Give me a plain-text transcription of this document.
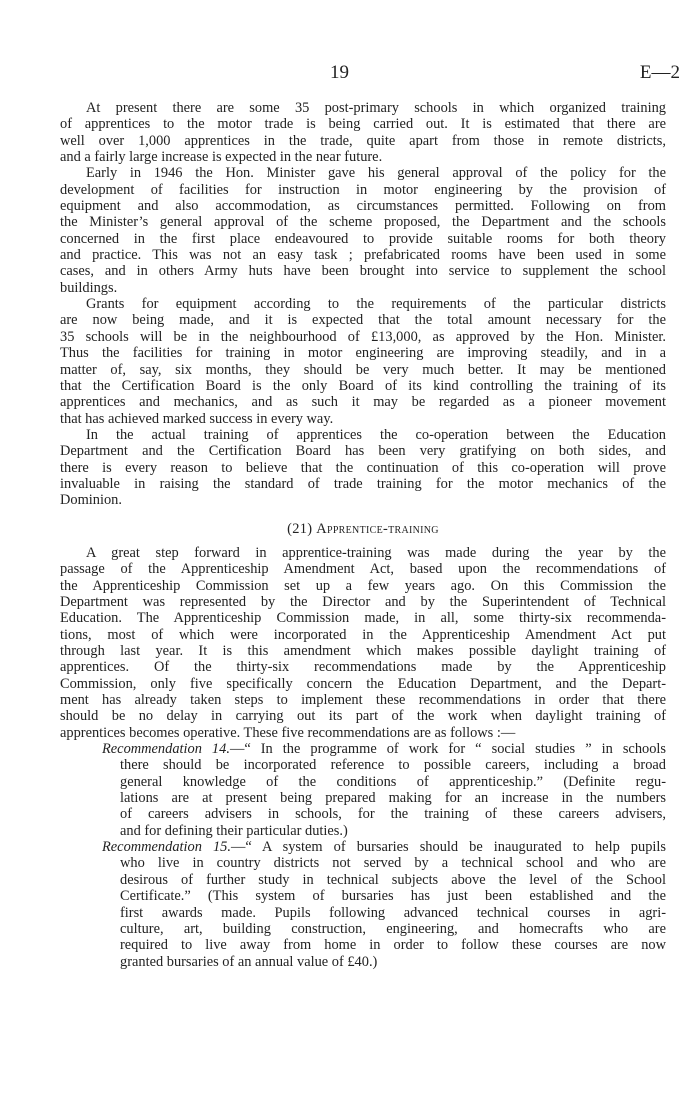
19	E—2
At present there are some 35 post-primary schools in which organized training
of apprentices to the motor trade is being carried out. It is estimated that there are
well over 1,000 apprentices in the trade, quite apart from those in remote districts,
and a fairly large increase is expected in the near future.
Early in 1946 the Hon. Minister gave his general approval of the policy for the
development of facilities for instruction in motor engineering by the provision of
equipment and also accommodation, as circumstances permitted. Following on from
the Minister’s general approval of the scheme proposed, the Department and the schools
concerned in the first place endeavoured to provide suitable rooms for both theory
and practice. This was not an easy task ; prefabricated rooms have been used in some
cases, and in others Army huts have been brought into service to supplement the school
buildings.
Grants for equipment according to the requirements of the particular districts
are now being made, and it is expected that the total amount necessary for the
35 schools will be in the neighbourhood of £13,000, as approved by the Hon. Minister.
Thus the facilities for training in motor engineering are improving steadily, and in a
matter of, say, six months, they should be very much better. It may be mentioned
that the Certification Board is the only Board of its kind controlling the training of its
apprentices and mechanics, and as such it may be regarded as a pioneer movement
that has achieved marked success in every way.
In the actual training of apprentices the co-operation between the Education
Department and the Certification Board has been very gratifying on both sides, and
there is every reason to believe that the continuation of this co-operation will prove
invaluable in raising the standard of trade training for the motor mechanics of the
Dominion.
(21) Apprentice-training
A great step forward in apprentice-training was made during the year by the
passage of the Apprenticeship Amendment Act, based upon the recommendations of
the Apprenticeship Commission set up a few years ago. On this Commission the
Department was represented by the Director and by the Superintendent of Technical
Education. The Apprenticeship Commission made, in all, some thirty-six recommenda-
tions, most of which were incorporated in the Apprenticeship Amendment Act put
through last year. It is this amendment which makes possible daylight training of
apprentices. Of the thirty-six recommendations made by the Apprenticeship
Commission, only five specifically concern the Education Department, and the Depart-
ment has already taken steps to implement these recommendations in order that there
should be no delay in carrying out its part of the work when daylight training of
apprentices becomes operative. These five recommendations are as follows :—
Recommendation 14.—“ In the programme of work for “ social studies ” in schools
there should be incorporated reference to possible careers, including a broad
general knowledge of the conditions of apprenticeship.” (Definite regu-
lations are at present being prepared making for an increase in the numbers
of careers advisers in schools, for the training of these careers advisers,
and for defining their particular duties.)
Recommendation 15.—“ A system of bursaries should be inaugurated to help pupils
who live in country districts not served by a technical school and who are
desirous of further study in technical subjects above the level of the School
Certificate.” (This system of bursaries has just been established and the
first awards made. Pupils following advanced technical courses in agri-
culture, art, building construction, engineering, and homecrafts who are
required to live away from home in order to follow these courses are now
granted bursaries of an annual value of £40.)
